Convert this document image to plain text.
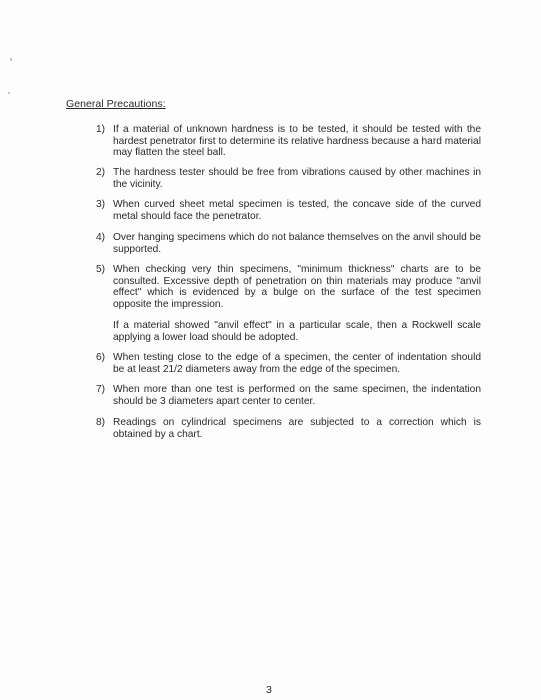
General Precautions:
1) If a material of unknown hardness is to be tested, it should be tested with the hardest penetrator first to determine its relative hardness because a hard material may flatten the steel ball.
2) The hardness tester should be free from vibrations caused by other machines in the vicinity.
3) When curved sheet metal specimen is tested, the concave side of the curved metal should face the penetrator.
4) Over hanging specimens which do not balance themselves on the anvil should be supported.
5) When checking very thin specimens, "minimum thickness" charts are to be consulted. Excessive depth of penetration on thin materials may produce "anvil effect" which is evidenced by a bulge on the surface of the test specimen opposite the impression.
If a material showed "anvil effect" in a particular scale, then a Rockwell scale applying a lower load should be adopted.
6) When testing close to the edge of a specimen, the center of indentation should be at least 21/2 diameters away from the edge of the specimen.
7) When more than one test is performed on the same specimen, the indentation should be 3 diameters apart center to center.
8) Readings on cylindrical specimens are subjected to a correction which is obtained by a chart.
3
